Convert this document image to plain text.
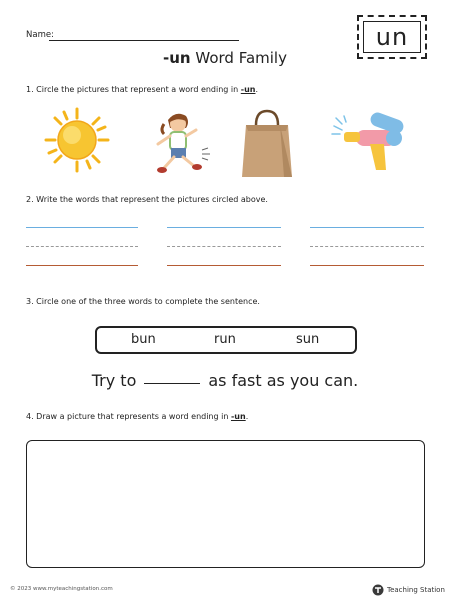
Name:
-un Word Family
un
1. Circle the pictures that represent a word ending in -un.
2. Write the words that represent the pictures circled above.
3. Circle one of the three words to complete the sentence.
bun	run	sun
Try to	as fast as you can.
4. Draw a picture that represents a word ending in -un.
© 2023 www.myteachingstation.com	Teaching Station
